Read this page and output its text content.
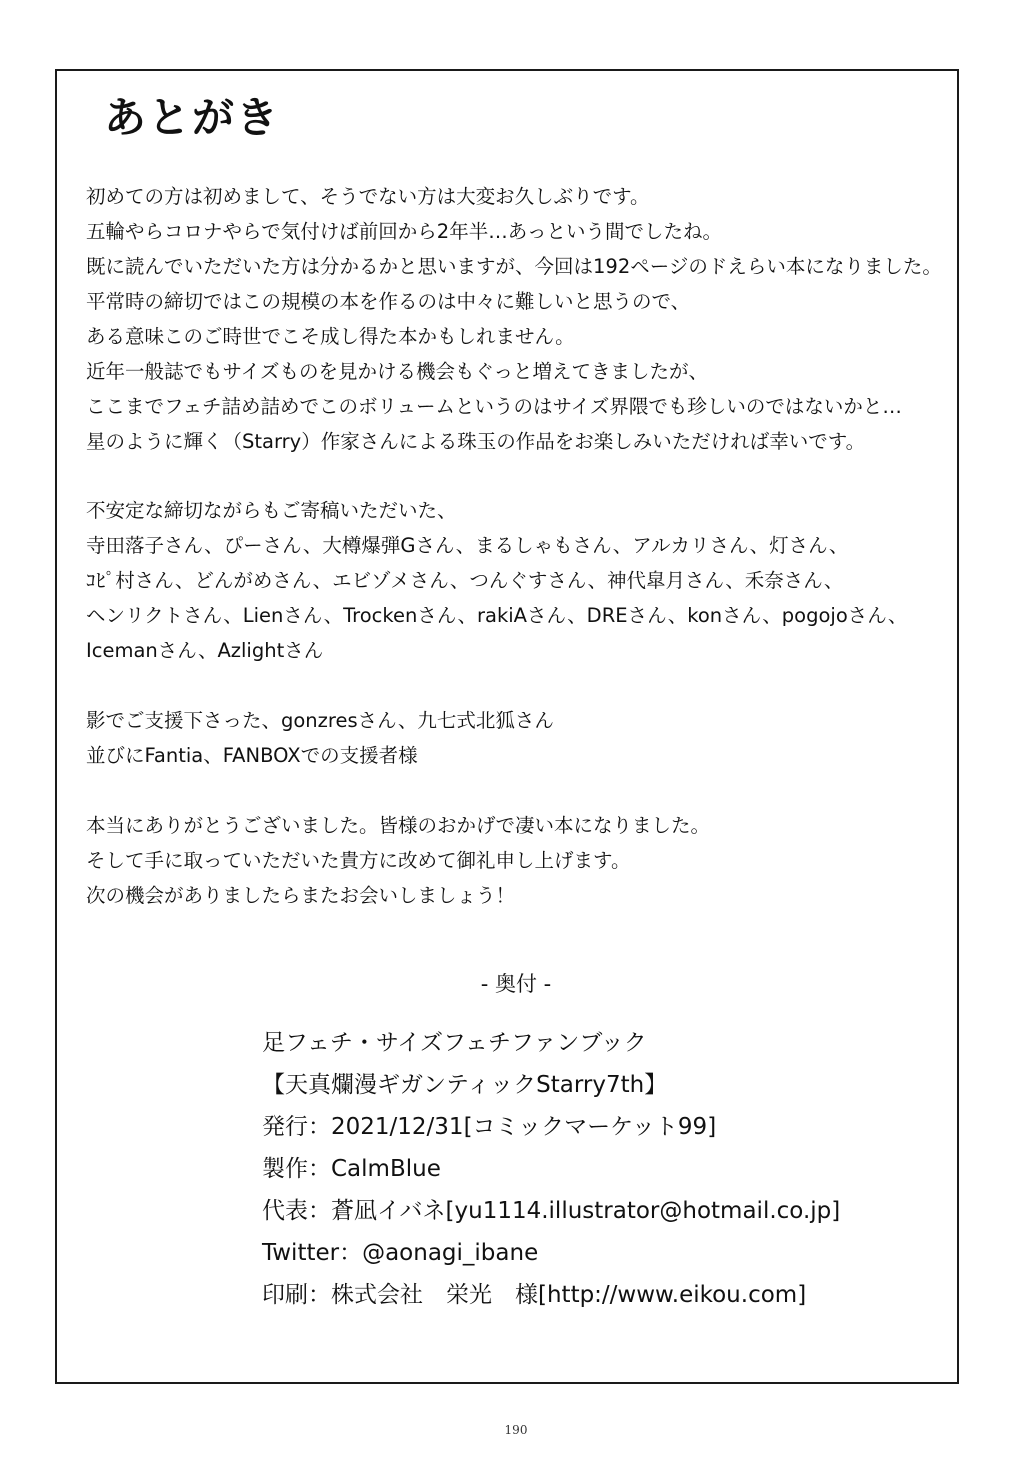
あとがき
初めての方は初めまして、そうでない方は大変お久しぶりです。
五輪やらコロナやらで気付けば前回から2年半…あっという間でしたね。
既に読んでいただいた方は分かるかと思いますが、今回は192ページのドえらい本になりました。
平常時の締切ではこの規模の本を作るのは中々に難しいと思うので、
ある意味このご時世でこそ成し得た本かもしれません。
近年一般誌でもサイズものを見かける機会もぐっと増えてきましたが、
ここまでフェチ詰め詰めでこのボリュームというのはサイズ界隈でも珍しいのではないかと…
星のように輝く（Starry）作家さんによる珠玉の作品をお楽しみいただければ幸いです。
不安定な締切ながらもご寄稿いただいた、
寺田落子さん、ぴーさん、大樽爆弾Gさん、まるしゃもさん、アルカリさん、灯さん、
ｺﾋﾟ村さん、どんがめさん、エビゾメさん、つんぐすさん、神代皐月さん、禾奈さん、
ヘンリクトさん、Lienさん、Trockenさん、rakiAさん、DREさん、konさん、pogojoさん、
Icemanさん、Azlightさん
影でご支援下さった、gonzresさん、九七式北狐さん
並びにFantia、FANBOXでの支援者様
本当にありがとうございました。皆様のおかげで凄い本になりました。
そして手に取っていただいた貴方に改めて御礼申し上げます。
次の機会がありましたらまたお会いしましょう！

- 奥付 -

足フェチ・サイズフェチファンブック
【天真爛漫ギガンティックStarry7th】
発行：2021/12/31[コミックマーケット99]
製作：CalmBlue
代表：蒼凪イバネ[yu1114.illustrator@hotmail.co.jp]
Twitter：@aonagi_ibane
印刷：株式会社　栄光　様[http://www.eikou.com]
190
